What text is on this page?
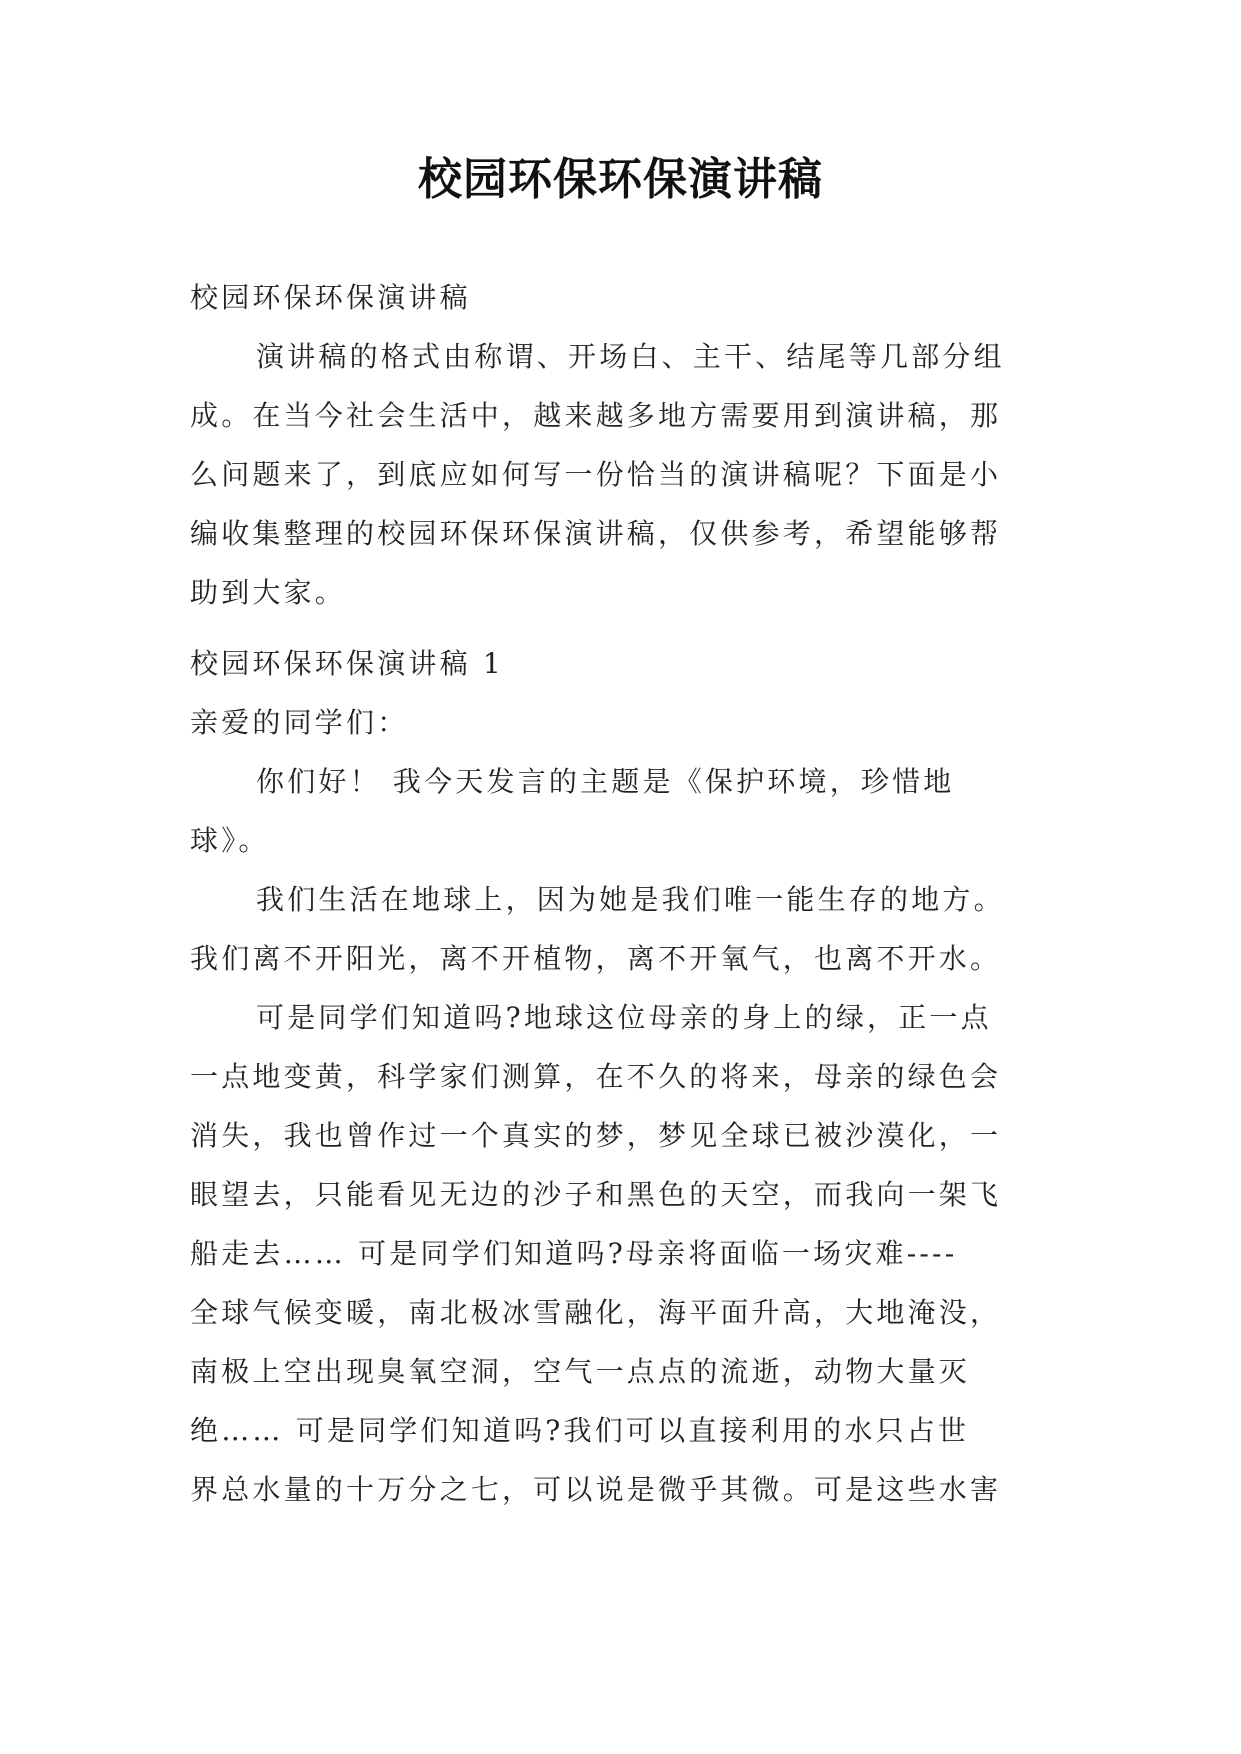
校园环保环保演讲稿
校园环保环保演讲稿
演讲稿的格式由称谓、开场白、主干、结尾等几部分组
成。在当今社会生活中，越来越多地方需要用到演讲稿，那
么问题来了，到底应如何写一份恰当的演讲稿呢？下面是小
编收集整理的校园环保环保演讲稿，仅供参考，希望能够帮
助到大家。
校园环保环保演讲稿 1
亲爱的同学们：
你们好！ 我今天发言的主题是《保护环境，珍惜地
球》。
我们生活在地球上，因为她是我们唯一能生存的地方。
我们离不开阳光，离不开植物，离不开氧气，也离不开水。
可是同学们知道吗?地球这位母亲的身上的绿，正一点
一点地变黄，科学家们测算，在不久的将来，母亲的绿色会
消失，我也曾作过一个真实的梦，梦见全球已被沙漠化，一
眼望去，只能看见无边的沙子和黑色的天空，而我向一架飞
船走去…… 可是同学们知道吗?母亲将面临一场灾难----
全球气候变暖，南北极冰雪融化，海平面升高，大地淹没，
南极上空出现臭氧空洞，空气一点点的流逝，动物大量灭
绝…… 可是同学们知道吗?我们可以直接利用的水只占世
界总水量的十万分之七，可以说是微乎其微。可是这些水害
